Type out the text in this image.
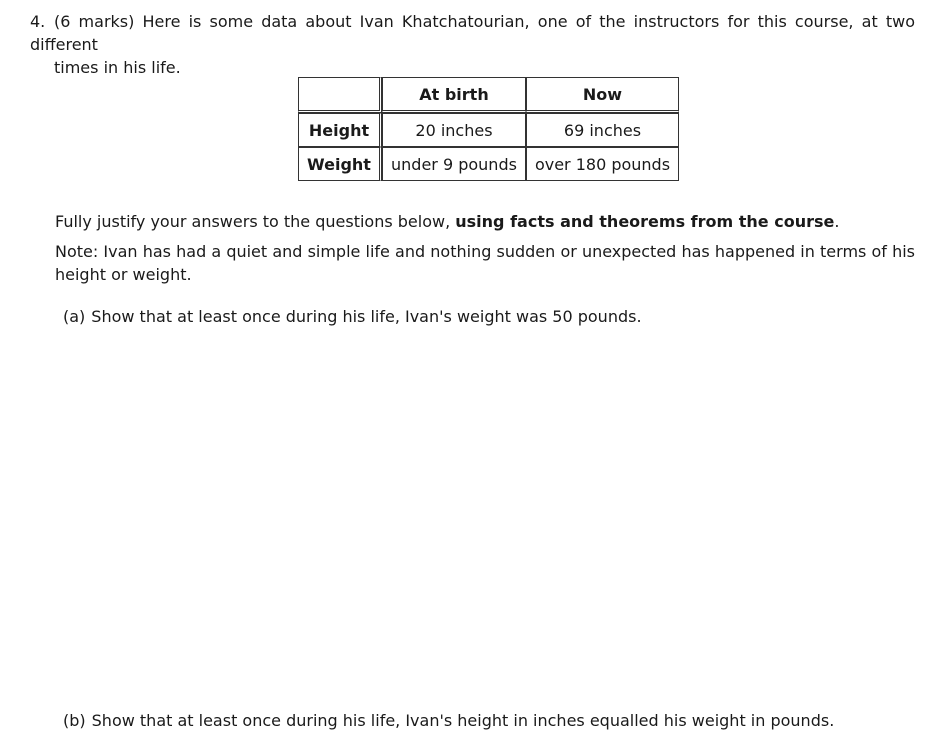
4. (6 marks) Here is some data about Ivan Khatchatourian, one of the instructors for this course, at two different
times in his life.
	At birth	Now
Height	20 inches	69 inches
Weight	under 9 pounds	over 180 pounds
Fully justify your answers to the questions below, using facts and theorems from the course.
Note: Ivan has had a quiet and simple life and nothing sudden or unexpected has happened in terms of his height or weight.
(a) Show that at least once during his life, Ivan's weight was 50 pounds.
(b) Show that at least once during his life, Ivan's height in inches equalled his weight in pounds.
